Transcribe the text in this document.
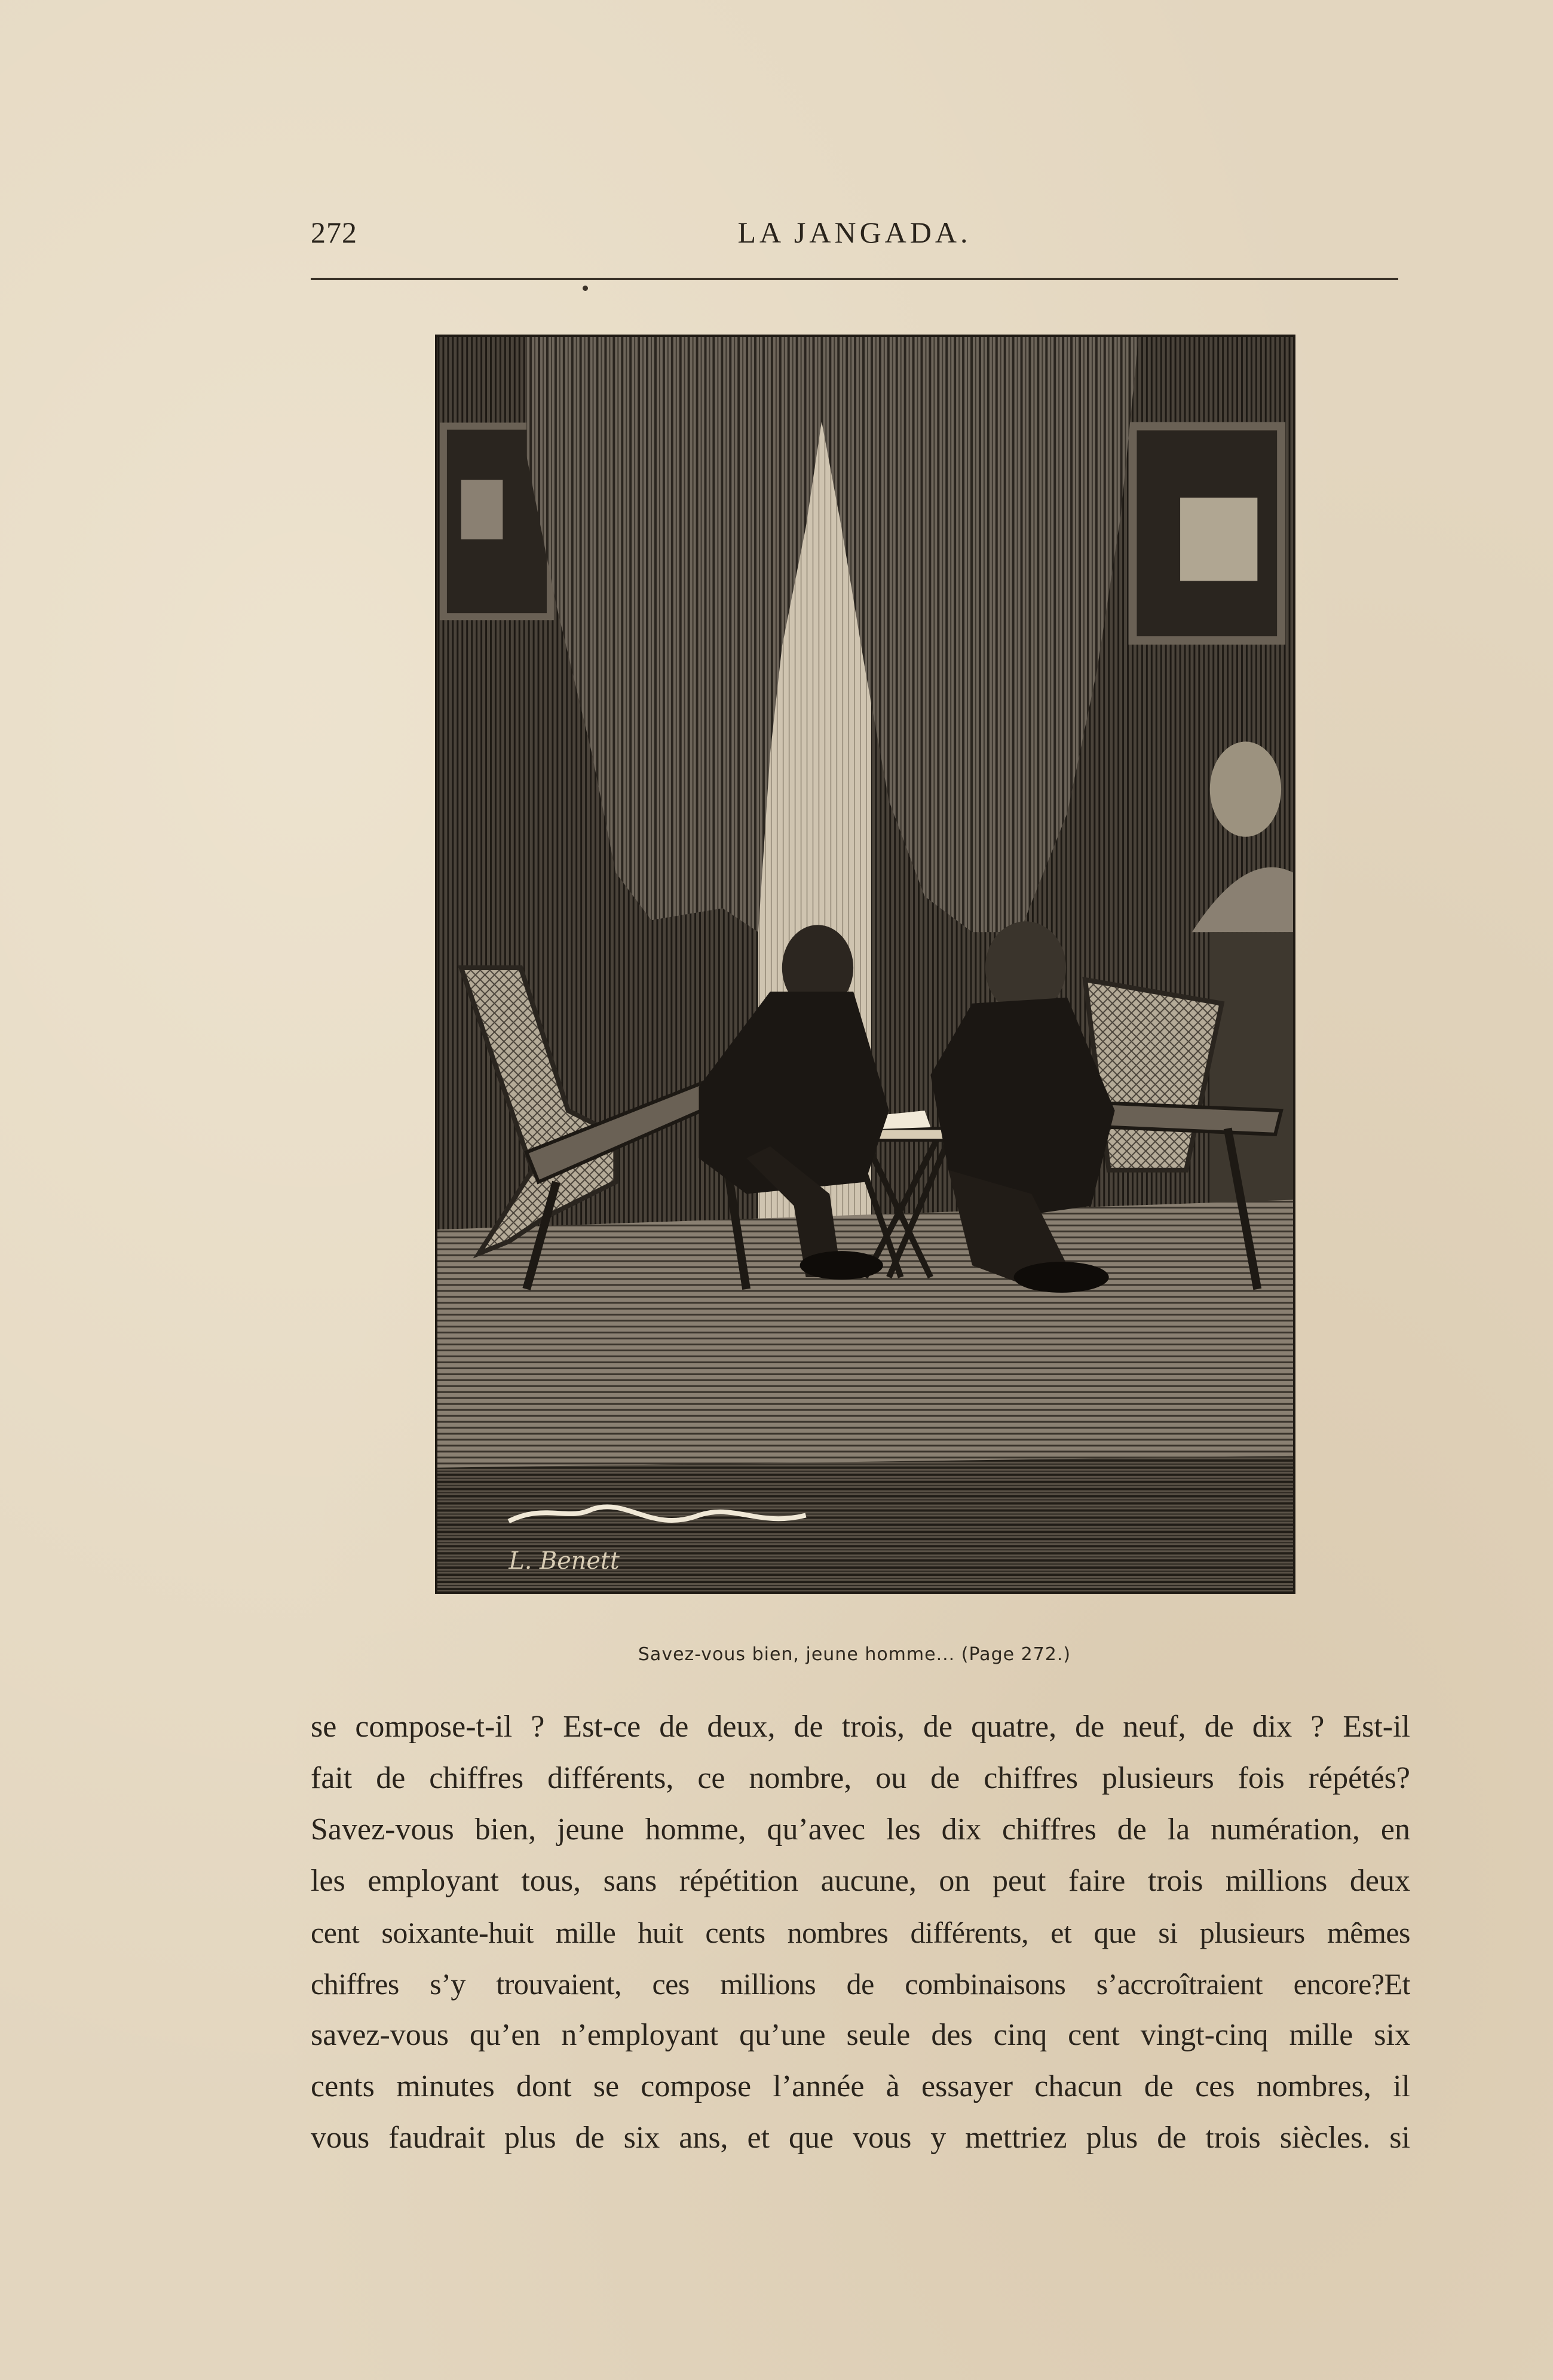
272	LA JANGADA.
L. Benett
Savez-vous bien, jeune homme... (Page 272.)
se compose-t-il ? Est-ce de deux, de trois, de quatre, de neuf, de dix ? Est-il
fait de chiffres différents, ce nombre, ou de chiffres plusieurs fois répétés?
Savez-vous bien, jeune homme, qu’avec les dix chiffres de la numération, en
les employant tous, sans répétition aucune, on peut faire trois millions deux
cent soixante-huit mille huit cents nombres différents, et que si plusieurs mêmes
chiffres s’y trouvaient, ces millions de combinaisons s’accroîtraient encore?Et
savez-vous qu’en n’employant qu’une seule des cinq cent vingt-cinq mille six
cents minutes dont se compose l’année à essayer chacun de ces nombres, il
vous faudrait plus de six ans, et que vous y mettriez plus de trois siècles. si
